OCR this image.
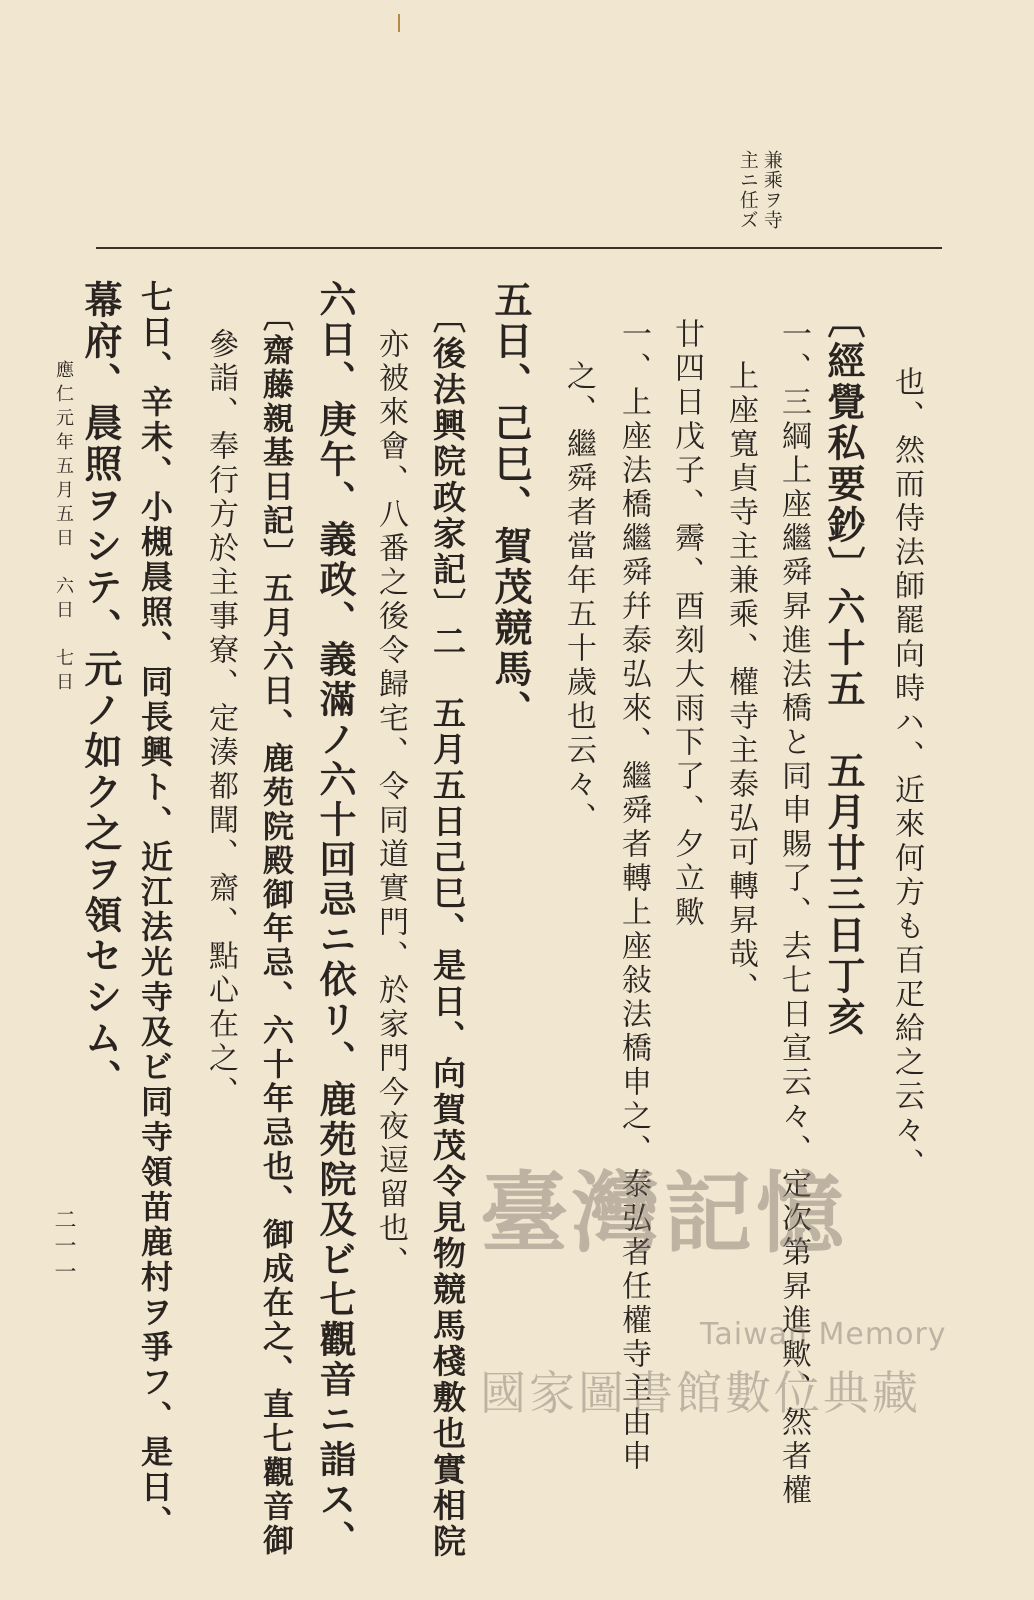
兼乘ヲ寺
主ニ任ズ
也、然而侍法師罷向時ハ、近來何方も百疋給之云々、
〔經覺私要鈔〕六十五　五月廿三日丁亥
一、三綱上座繼舜昇進法橋と同申賜了、去七日宣云々、定次第昇進歟、然者權
上座寬貞寺主兼乘、權寺主泰弘可轉昇哉、
廿四日戊子、霽、酉刻大雨下了、夕立歟
一、上座法橋繼舜幷泰弘來、繼舜者轉上座敍法橋申之、泰弘者任權寺主由申
之、繼舜者當年五十歲也云々、
五日、己巳、賀茂競馬、
〔後法興院政家記〕二　五月五日己巳、是日、向賀茂令見物競馬棧敷也實相院
亦被來會、八番之後令歸宅、令同道實門、於家門今夜逗留也、
六日、庚午、義政、義滿ノ六十回忌ニ依リ、鹿苑院及ビ七觀音ニ詣ス、
〔齋藤親基日記〕五月六日、鹿苑院殿御年忌、六十年忌也、御成在之、直七觀音御
參詣、奉行方於主事寮、定湊都聞、齋、點心在之、
七日、辛未、小槻晨照、同長興ト、近江法光寺及ビ同寺領苗鹿村ヲ爭フ、是日、
幕府、晨照ヲシテ、元ノ如ク之ヲ領セシム、
應仁元年五月五日　六日　七日
二一一	臺灣記憶
Taiwan Memory
國家圖書館數位典藏
